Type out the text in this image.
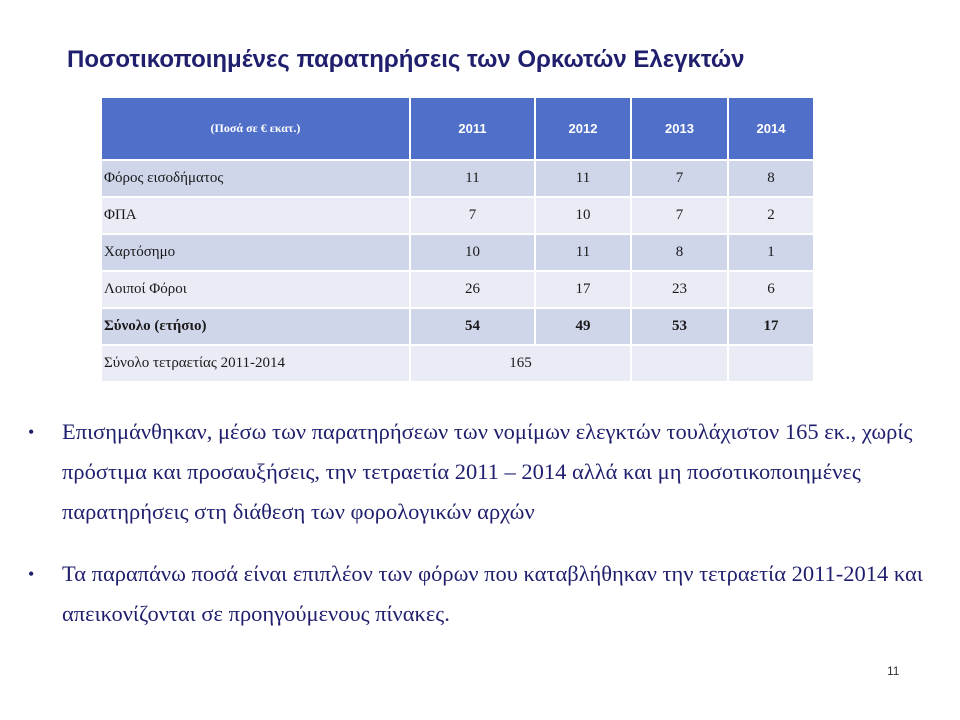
Ποσοτικοποιημένες παρατηρήσεις των Ορκωτών Ελεγκτών
(Ποσά σε € εκατ.)	2011	2012	2013	2014
Φόρος εισοδήματος	11	11	7	8
ΦΠΑ	7	10	7	2
Χαρτόσημο	10	11	8	1
Λοιποί Φόροι	26	17	23	6
Σύνολο (ετήσιο)	54	49	53	17
Σύνολο τετραετίας 2011-2014	165			
• Επισημάνθηκαν, μέσω των παρατηρήσεων των νομίμων ελεγκτών τουλάχιστον 165 εκ., χωρίς πρόστιμα και προσαυξήσεις, την τετραετία 2011 – 2014 αλλά και μη ποσοτικοποιημένες παρατηρήσεις στη διάθεση των φορολογικών αρχών
• Τα παραπάνω ποσά είναι επιπλέον των φόρων που καταβλήθηκαν την τετραετία 2011-2014 και απεικονίζονται σε προηγούμενους πίνακες.
11
